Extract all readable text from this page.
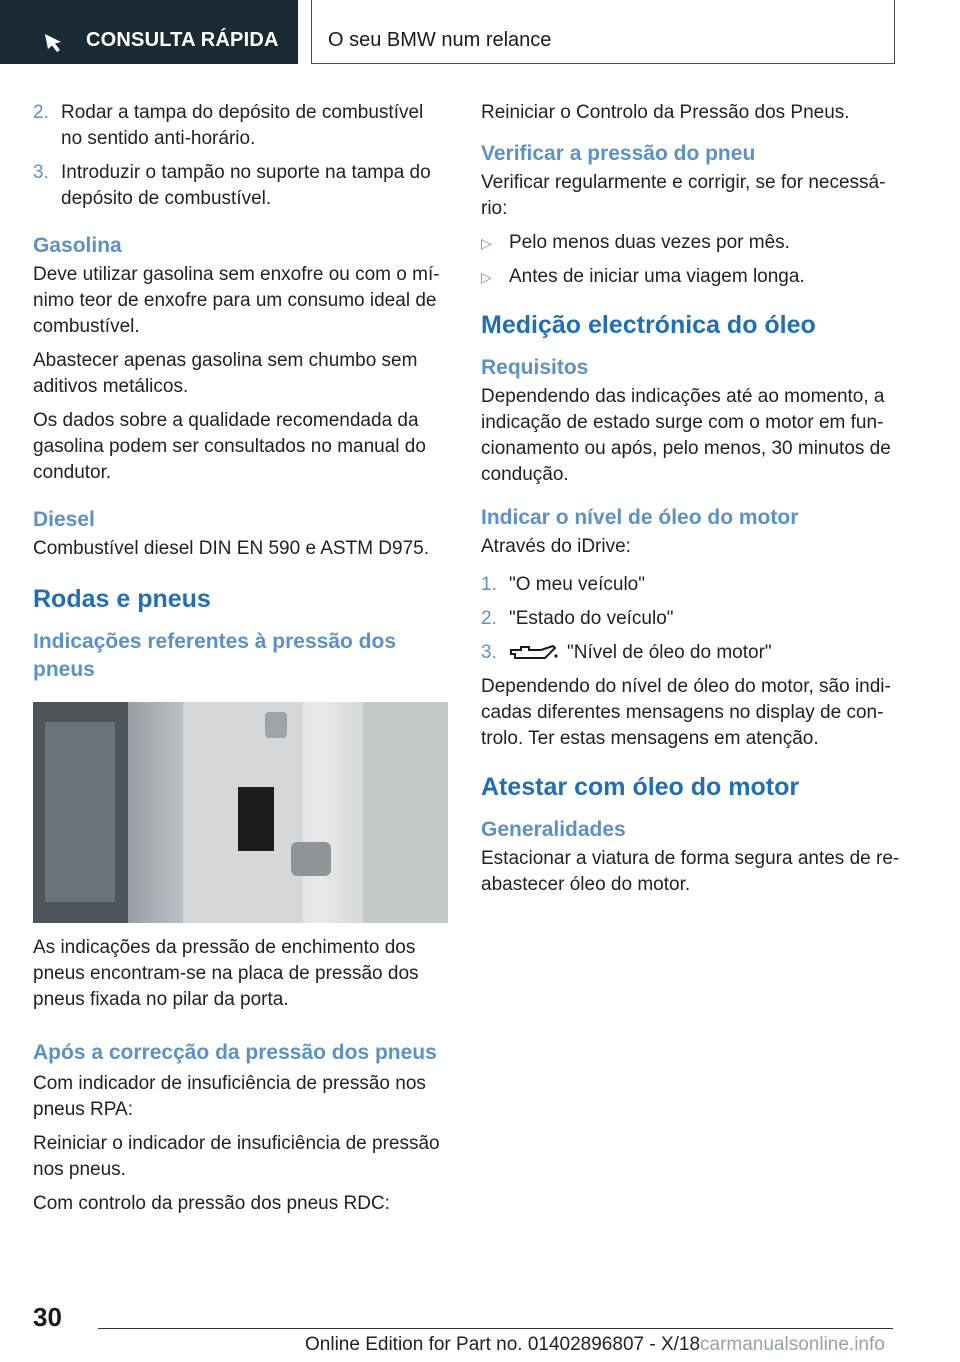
CONSULTA RÁPIDA O seu BMW num relance
2. Rodar a tampa do depósito de combustível no sentido anti-horário.
3. Introduzir o tampão no suporte na tampa do depósito de combustível.
Gasolina

Deve utilizar gasolina sem enxofre ou com o mínimo teor de enxofre para um consumo ideal de combustível.

Abastecer apenas gasolina sem chumbo sem aditivos metálicos.

Os dados sobre a qualidade recomendada da gasolina podem ser consultados no manual do condutor.

Diesel

Combustível diesel DIN EN 590 e ASTM D975.

Rodas e pneus
Indicações referentes à pressão dos pneus

As indicações da pressão de enchimento dos pneus encontram-se na placa de pressão dos pneus fixada no pilar da porta.

Após a correcção da pressão dos pneus

Com indicador de insuficiência de pressão nos pneus RPA:

Reiniciar o indicador de insuficiência de pressão nos pneus.

Com controlo da pressão dos pneus RDC:

Reiniciar o Controlo da Pressão dos Pneus.

Verificar a pressão do pneu

Verificar regularmente e corrigir, se for necessário:

▷ Pelo menos duas vezes por mês.
▷ Antes de iniciar uma viagem longa.
Medição electrónica do óleo
Requisitos

Dependendo das indicações até ao momento, a indicação de estado surge com o motor em funcionamento ou após, pelo menos, 30 minutos de condução.

Indicar o nível de óleo do motor

Através do iDrive:

1. "O meu veículo"
2. "Estado do veículo"
3.	"Nível de óleo do motor"

Dependendo do nível de óleo do motor, são indicadas diferentes mensagens no display de controlo. Ter estas mensagens em atenção.

Atestar com óleo do motor
Generalidades

Estacionar a viatura de forma segura antes de reabastecer óleo do motor.

30
Online Edition for Part no. 01402896807 - X/18 carmanualsonline.info
